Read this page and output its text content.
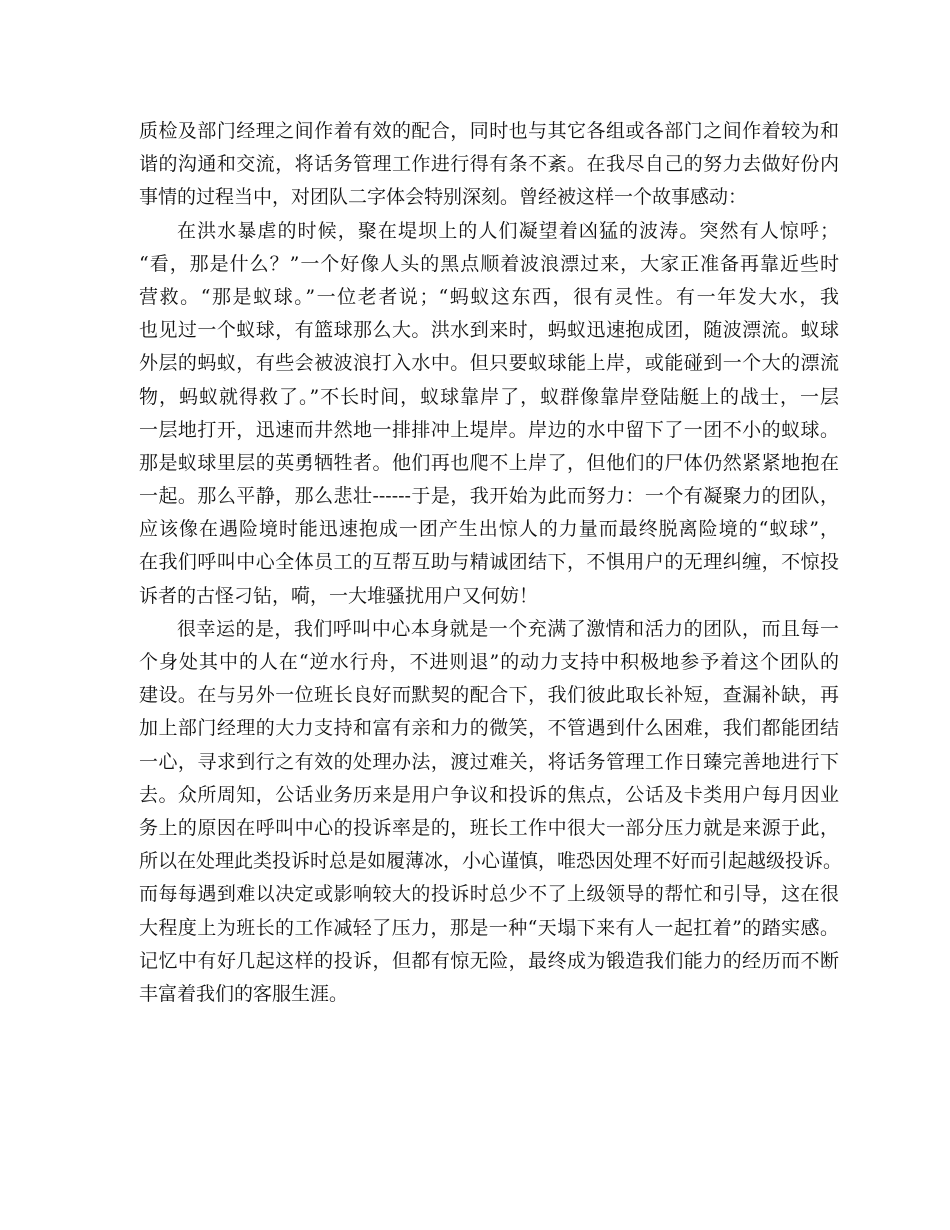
质检及部门经理之间作着有效的配合，同时也与其它各组或各部门之间作着较为和
谐的沟通和交流，将话务管理工作进行得有条不紊。在我尽自己的努力去做好份内
事情的过程当中，对团队二字体会特别深刻。曾经被这样一个故事感动：
在洪水暴虐的时候，聚在堤坝上的人们凝望着凶猛的波涛。突然有人惊呼；
“看，那是什么？”一个好像人头的黑点顺着波浪漂过来，大家正准备再靠近些时
营救。“那是蚁球。”一位老者说；“蚂蚁这东西，很有灵性。有一年发大水，我
也见过一个蚁球，有篮球那么大。洪水到来时，蚂蚁迅速抱成团，随波漂流。蚁球
外层的蚂蚁，有些会被波浪打入水中。但只要蚁球能上岸，或能碰到一个大的漂流
物，蚂蚁就得救了。”不长时间，蚁球靠岸了，蚁群像靠岸登陆艇上的战士，一层
一层地打开，迅速而井然地一排排冲上堤岸。岸边的水中留下了一团不小的蚁球。
那是蚁球里层的英勇牺牲者。他们再也爬不上岸了，但他们的尸体仍然紧紧地抱在
一起。那么平静，那么悲壮------于是，我开始为此而努力：一个有凝聚力的团队，
应该像在遇险境时能迅速抱成一团产生出惊人的力量而最终脱离险境的“蚁球”，
在我们呼叫中心全体员工的互帮互助与精诚团结下，不惧用户的无理纠缠，不惊投
诉者的古怪刁钻，嗬，一大堆骚扰用户又何妨！
很幸运的是，我们呼叫中心本身就是一个充满了激情和活力的团队，而且每一
个身处其中的人在“逆水行舟，不进则退”的动力支持中积极地参予着这个团队的
建设。在与另外一位班长良好而默契的配合下，我们彼此取长补短，查漏补缺，再
加上部门经理的大力支持和富有亲和力的微笑，不管遇到什么困难，我们都能团结
一心，寻求到行之有效的处理办法，渡过难关，将话务管理工作日臻完善地进行下
去。众所周知，公话业务历来是用户争议和投诉的焦点，公话及卡类用户每月因业
务上的原因在呼叫中心的投诉率是的，班长工作中很大一部分压力就是来源于此，
所以在处理此类投诉时总是如履薄冰，小心谨慎，唯恐因处理不好而引起越级投诉。
而每每遇到难以决定或影响较大的投诉时总少不了上级领导的帮忙和引导，这在很
大程度上为班长的工作减轻了压力，那是一种“天塌下来有人一起扛着”的踏实感。
记忆中有好几起这样的投诉，但都有惊无险，最终成为锻造我们能力的经历而不断
丰富着我们的客服生涯。
